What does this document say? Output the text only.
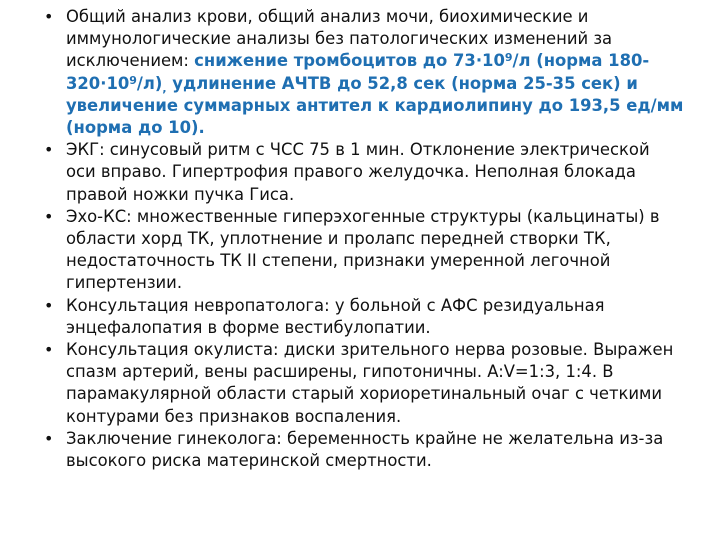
• Общий анализ крови, общий анализ мочи, биохимические и иммунологические анализы без патологических изменений за исключением: снижение тромбоцитов до $73\cdot 10^9/л$ (норма $180-320\cdot 10^9/л)_,$ удлинение АЧТВ до 52,8 сек (норма 25-35 сек) и увеличение суммарных антител к кардиолипину до 193,5 ед/мм (норма до 10).
• ЭКГ: синусовый ритм с ЧСС 75 в 1 мин. Отклонение электрической оси вправо. Гипертрофия правого желудочка. Неполная блокада правой ножки пучка Гиса.
• Эхо-КС: множественные гиперэхогенные структуры (кальцинаты) в области хорд ТК, уплотнение и пролапс передней створки ТК, недостаточность ТК II степени, признаки умеренной легочной гипертензии.
• Консультация невропатолога: у больной с АФС резидуальная энцефалопатия в форме вестибулопатии.
• Консультация окулиста: диски зрительного нерва розовые. Выражен спазм артерий, вены расширены, гипотоничны. A:V=1:3, 1:4. В парамакулярной области старый хориоретинальный очаг с четкими контурами без признаков воспаления.
• Заключение гинеколога: беременность крайне не желательна из-за высокого риска материнской смертности.
